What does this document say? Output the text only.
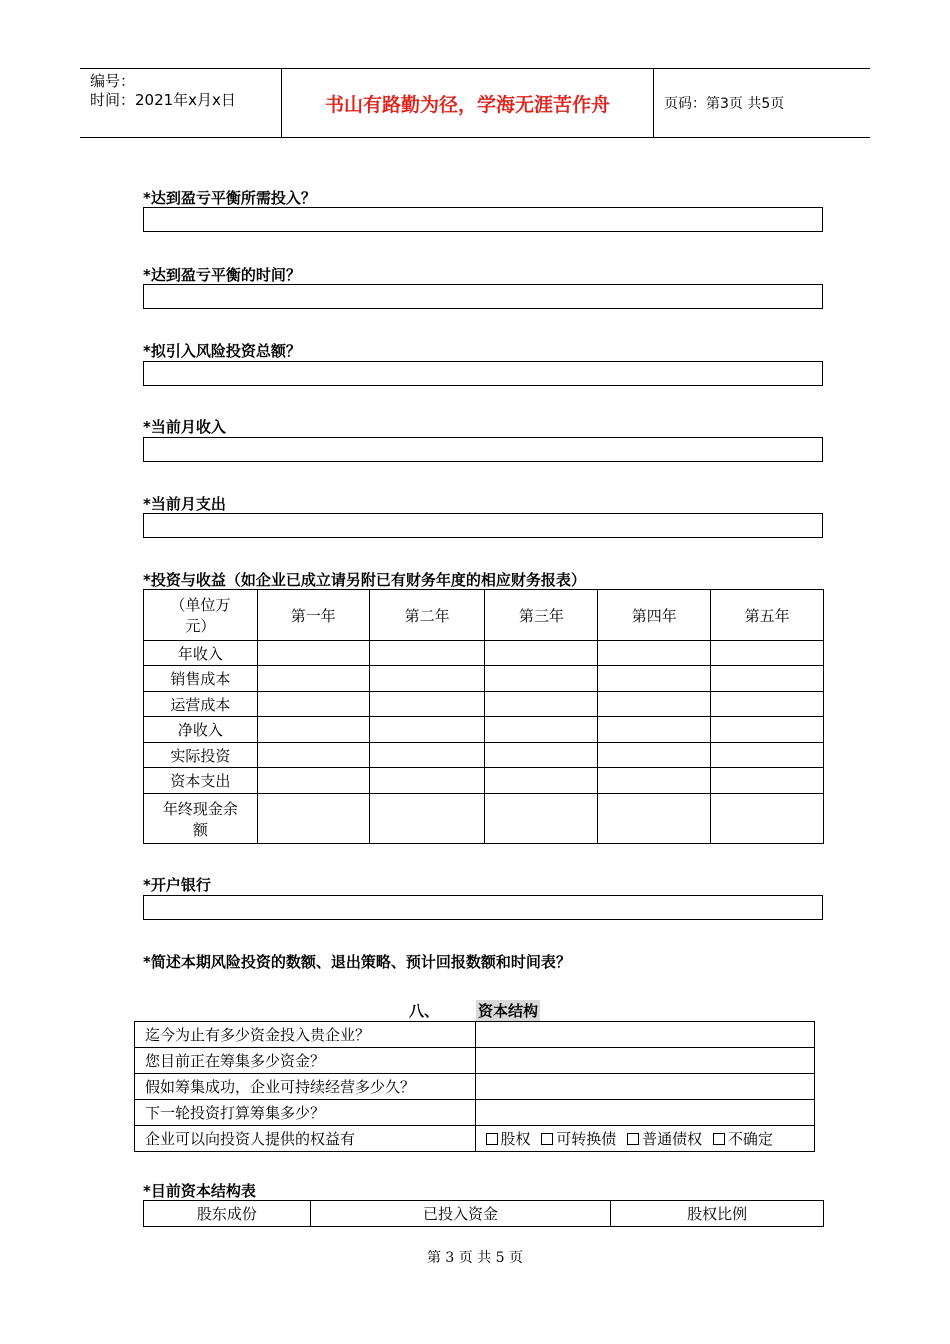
编号：
时间：2021年x月x日	书山有路勤为径，学海无涯苦作舟	页码：第3页 共5页
*达到盈亏平衡所需投入？
*达到盈亏平衡的时间？
*拟引入风险投资总额？
*当前月收入
*当前月支出
*投资与收益（如企业已成立请另附已有财务年度的相应财务报表）
（单位万
元）	第一年	第二年	第三年	第四年	第五年
年收入					
销售成本					
运营成本					
净收入					
实际投资					
资本支出					

年终现金余
额					

*开户银行
*简述本期风险投资的数额、退出策略、预计回报数额和时间表？
八、	资本结构
迄今为止有多少资金投入贵企业？	
您目前正在筹集多少资金？	
假如筹集成功，企业可持续经营多少久？	
下一轮投资打算筹集多少？	
企业可以向投资人提供的权益有	股权 可转换债 普通债权 不确定
*目前资本结构表
股东成份	已投入资金	股权比例
第 3 页 共 5 页
